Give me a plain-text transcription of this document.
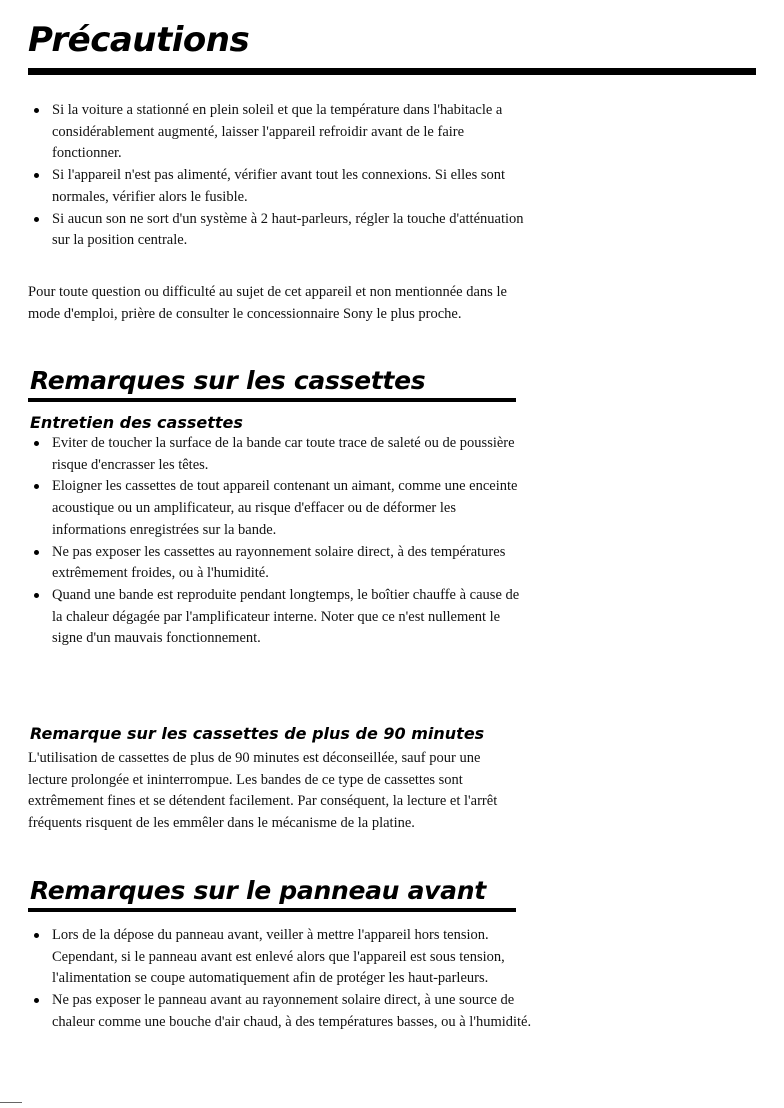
Précautions
Si la voiture a stationné en plein soleil et que la température dans l'habitacle a considérablement augmenté, laisser l'appareil refroidir avant de le faire fonctionner.
Si l'appareil n'est pas alimenté, vérifier avant tout les connexions. Si elles sont normales, vérifier alors le fusible.
Si aucun son ne sort d'un système à 2 haut-parleurs, régler la touche d'atténuation sur la position centrale.

Pour toute question ou difficulté au sujet de cet appareil et non mentionnée dans le mode d'emploi, prière de consulter le concessionnaire Sony le plus proche.

Remarques sur les cassettes
Entretien des cassettes
Eviter de toucher la surface de la bande car toute trace de saleté ou de poussière risque d'encrasser les têtes.
Eloigner les cassettes de tout appareil contenant un aimant, comme une enceinte acoustique ou un amplificateur, au risque d'effacer ou de déformer les informations enregistrées sur la bande.
Ne pas exposer les cassettes au rayonnement solaire direct, à des températures extrêmement froides, ou à l'humidité.
Quand une bande est reproduite pendant longtemps, le boîtier chauffe à cause de la chaleur dégagée par l'amplificateur interne. Noter que ce n'est nullement le signe d'un mauvais fonctionnement.
Remarque sur les cassettes de plus de 90 minutes

L'utilisation de cassettes de plus de 90 minutes est déconseillée, sauf pour une lecture prolongée et ininterrompue. Les bandes de ce type de cassettes sont extrêmement fines et se détendent facilement. Par conséquent, la lecture et l'arrêt fréquents risquent de les emmêler dans le mécanisme de la platine.

Remarques sur le panneau avant
Lors de la dépose du panneau avant, veiller à mettre l'appareil hors tension. Cependant, si le panneau avant est enlevé alors que l'appareil est sous tension, l'alimentation se coupe automatiquement afin de protéger les haut-parleurs.
Ne pas exposer le panneau avant au rayonnement solaire direct, à une source de chaleur comme une bouche d'air chaud, à des températures basses, ou à l'humidité.
